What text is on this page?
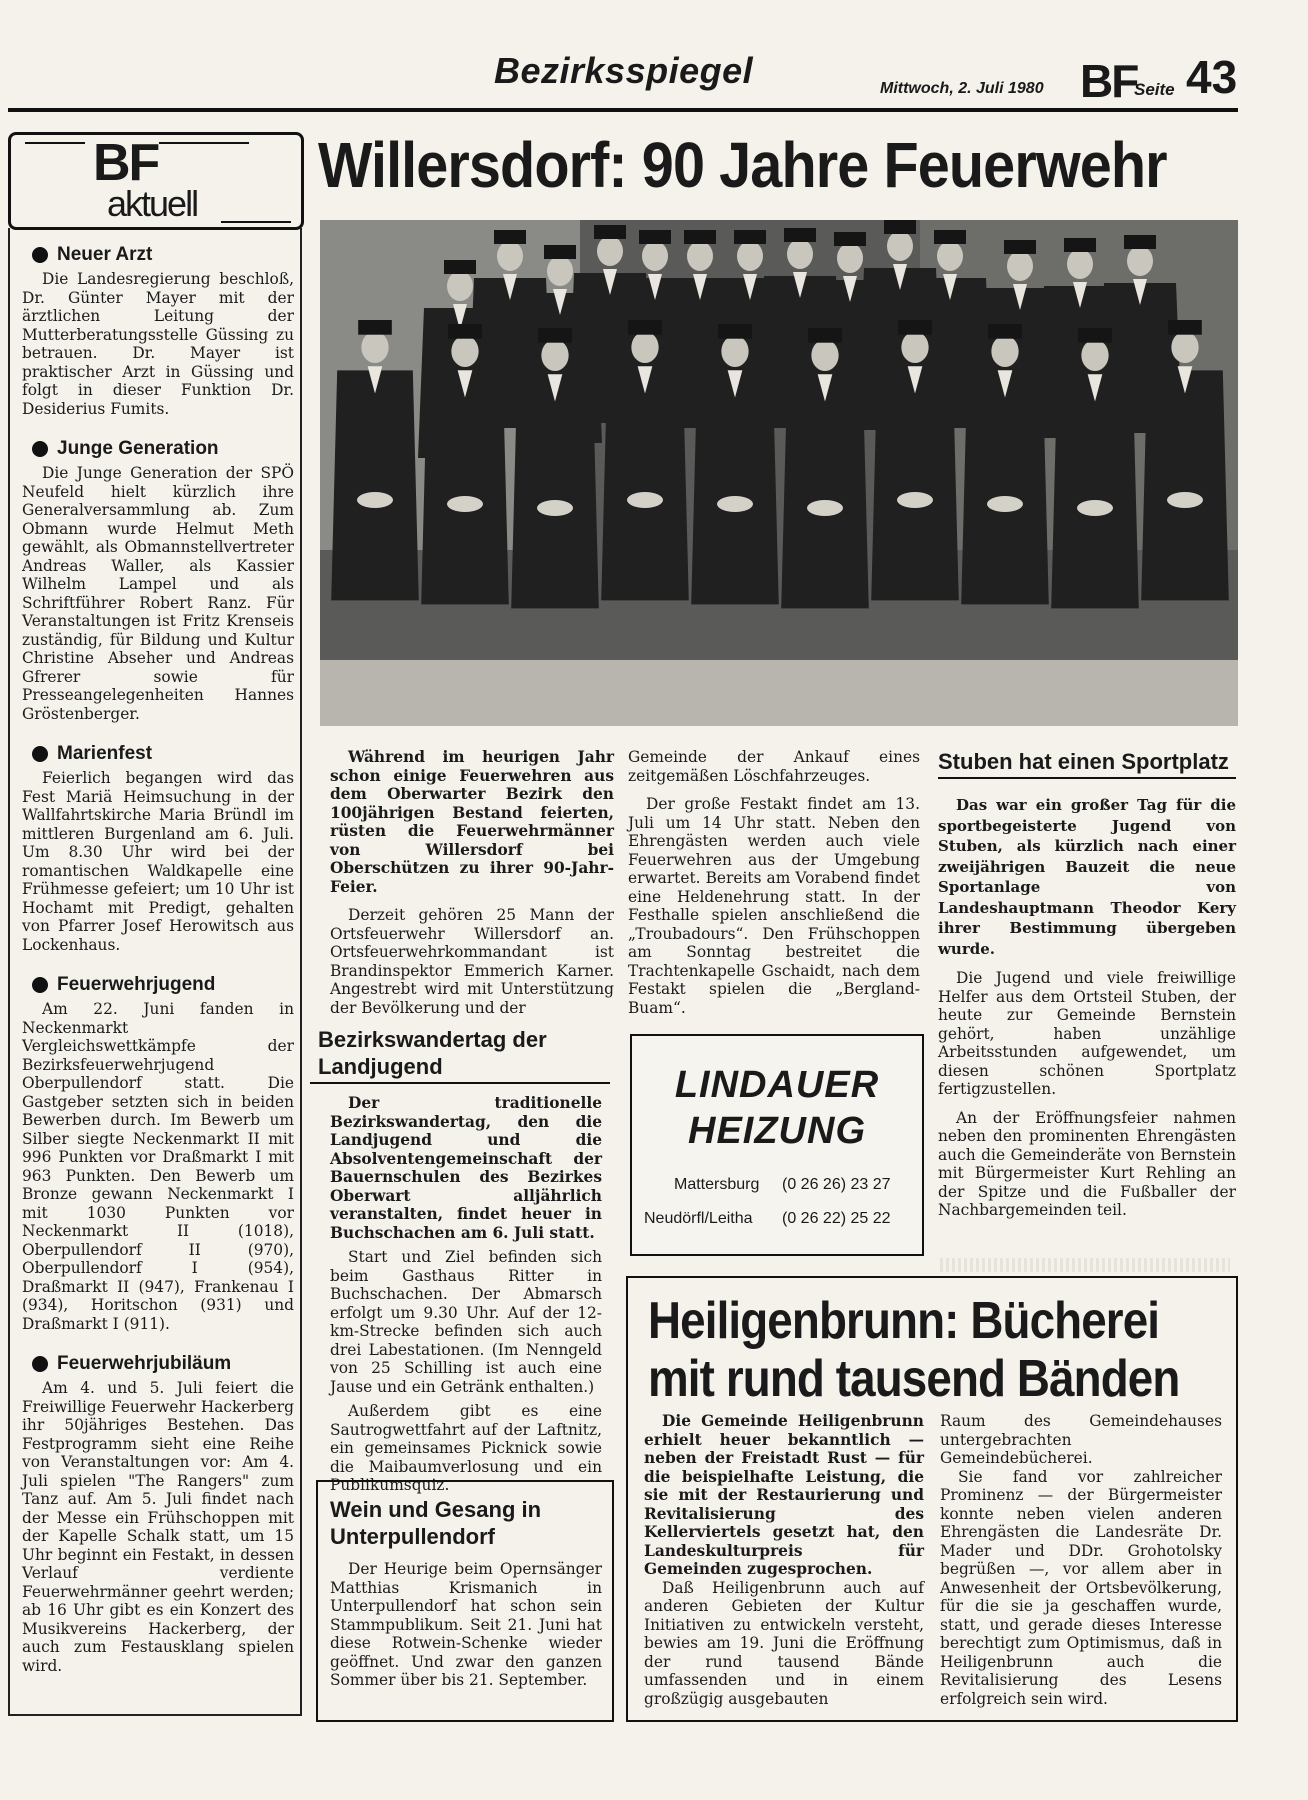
Bezirksspiegel	Mittwoch, 2. Juli 1980 BF
Seite 43
BF
aktuell
Neuer Arzt

Die Landesregierung beschloß, Dr. Günter Mayer mit der ärztlichen Leitung der Mutterberatungsstelle Güssing zu betrauen. Dr. Mayer ist praktischer Arzt in Güssing und folgt in dieser Funktion Dr. Desiderius Fumits.

Junge Generation

Die Junge Generation der SPÖ Neufeld hielt kürzlich ihre Generalversammlung ab. Zum Obmann wurde Helmut Meth gewählt, als Obmannstellvertreter Andreas Waller, als Kassier Wilhelm Lampel und als Schriftführer Robert Ranz. Für Veranstaltungen ist Fritz Krenseis zuständig, für Bildung und Kultur Christine Abseher und Andreas Gfrerer sowie für Presseangelegenheiten Hannes Gröstenberger.

Marienfest

Feierlich begangen wird das Fest Mariä Heimsuchung in der Wallfahrtskirche Maria Bründl im mittleren Burgenland am 6. Juli. Um 8.30 Uhr wird bei der romantischen Waldkapelle eine Frühmesse gefeiert; um 10 Uhr ist Hochamt mit Predigt, gehalten von Pfarrer Josef Herowitsch aus Lockenhaus.

Feuerwehrjugend

Am 22. Juni fanden in Neckenmarkt Vergleichswettkämpfe der Bezirksfeuerwehrjugend Oberpullendorf statt. Die Gastgeber setzten sich in beiden Bewerben durch. Im Bewerb um Silber siegte Neckenmarkt II mit 996 Punkten vor Draßmarkt I mit 963 Punkten. Den Bewerb um Bronze gewann Neckenmarkt I mit 1030 Punkten vor Neckenmarkt II (1018), Oberpullendorf II (970), Oberpullendorf I (954), Draßmarkt II (947), Frankenau I (934), Horitschon (931) und Draßmarkt I (911).

Feuerwehrjubiläum

Am 4. und 5. Juli feiert die Freiwillige Feuerwehr Hackerberg ihr 50jähriges Bestehen. Das Festprogramm sieht eine Reihe von Veranstaltungen vor: Am 4. Juli spielen "The Rangers" zum Tanz auf. Am 5. Juli findet nach der Messe ein Frühschoppen mit der Kapelle Schalk statt, um 15 Uhr beginnt ein Festakt, in dessen Verlauf verdiente Feuerwehrmänner geehrt werden; ab 16 Uhr gibt es ein Konzert des Musikvereins Hackerberg, der auch zum Festausklang spielen wird.

Willersdorf: 90 Jahre Feuerwehr

Während im heurigen Jahr schon einige Feuerwehren aus dem Oberwarter Bezirk den 100jährigen Bestand feierten, rüsten die Feuerwehrmänner von Willersdorf bei Oberschützen zu ihrer 90-Jahr-Feier.

Derzeit gehören 25 Mann der Ortsfeuerwehr Willersdorf an. Ortsfeuerwehrkommandant ist Brandinspektor Emmerich Karner. Angestrebt wird mit Unterstützung der Bevölkerung und der

Gemeinde der Ankauf eines zeitgemäßen Löschfahrzeuges.

Der große Festakt findet am 13. Juli um 14 Uhr statt. Neben den Ehrengästen werden auch viele Feuerwehren aus der Umgebung erwartet. Bereits am Vorabend findet eine Heldenehrung statt. In der Festhalle spielen anschließend die „Troubadours“. Den Frühschoppen am Sonntag bestreitet die Trachtenkapelle Gschaidt, nach dem Festakt spielen die „Bergland-Buam“.

Bezirkswandertag der Landjugend

Der traditionelle Bezirkswandertag, den die Landjugend und die Absolventengemeinschaft der Bauernschulen des Bezirkes Oberwart alljährlich veranstalten, findet heuer in Buchschachen am 6. Juli statt.

Start und Ziel befinden sich beim Gasthaus Ritter in Buchschachen. Der Abmarsch erfolgt um 9.30 Uhr. Auf der 12-km-Strecke befinden sich auch drei Labestationen. (Im Nenngeld von 25 Schilling ist auch eine Jause und ein Getränk enthalten.)

Außerdem gibt es eine Sautrogwettfahrt auf der Laftnitz, ein gemeinsames Picknick sowie die Maibaumverlosung und ein Publikumsquiz.

Wein und Gesang in Unterpullendorf

Der Heurige beim Opernsänger Matthias Krismanich in Unterpullendorf hat schon sein Stammpublikum. Seit 21. Juni hat diese Rotwein-Schenke wieder geöffnet. Und zwar den ganzen Sommer über bis 21. September.

LINDAUER
HEIZUNG
Mattersburg (0 26 26) 23 27
Neudörfl/Leitha (0 26 22) 25 22
Stuben hat einen Sportplatz

Das war ein großer Tag für die sportbegeisterte Jugend von Stuben, als kürzlich nach einer zweijährigen Bauzeit die neue Sportanlage von Landeshauptmann Theodor Kery ihrer Bestimmung übergeben wurde.

Die Jugend und viele freiwillige Helfer aus dem Ortsteil Stuben, der heute zur Gemeinde Bernstein gehört, haben unzählige Arbeitsstunden aufgewendet, um diesen schönen Sportplatz fertigzustellen.

An der Eröffnungsfeier nahmen neben den prominenten Ehrengästen auch die Gemeinderäte von Bernstein mit Bürgermeister Kurt Rehling an der Spitze und die Fußballer der Nachbargemeinden teil.

Heiligenbrunn: Bücherei
mit rund tausend Bänden

Die Gemeinde Heiligenbrunn erhielt heuer bekanntlich — neben der Freistadt Rust — für die beispielhafte Leistung, die sie mit der Restaurierung und Revitalisierung des Kellerviertels gesetzt hat, den Landeskulturpreis für Gemeinden zugesprochen.

Daß Heiligenbrunn auch auf anderen Gebieten der Kultur Initiativen zu entwickeln versteht, bewies am 19. Juni die Eröffnung der rund tausend Bände umfassenden und in einem großzügig ausgebauten

Raum des Gemeindehauses untergebrachten Gemeindebücherei.

Sie fand vor zahlreicher Prominenz — der Bürgermeister konnte neben vielen anderen Ehrengästen die Landesräte Dr. Mader und DDr. Grohotolsky begrüßen —, vor allem aber in Anwesenheit der Ortsbevölkerung, für die sie ja geschaffen wurde, statt, und gerade dieses Interesse berechtigt zum Optimismus, daß in Heiligenbrunn auch die Revitalisierung des Lesens erfolgreich sein wird.
